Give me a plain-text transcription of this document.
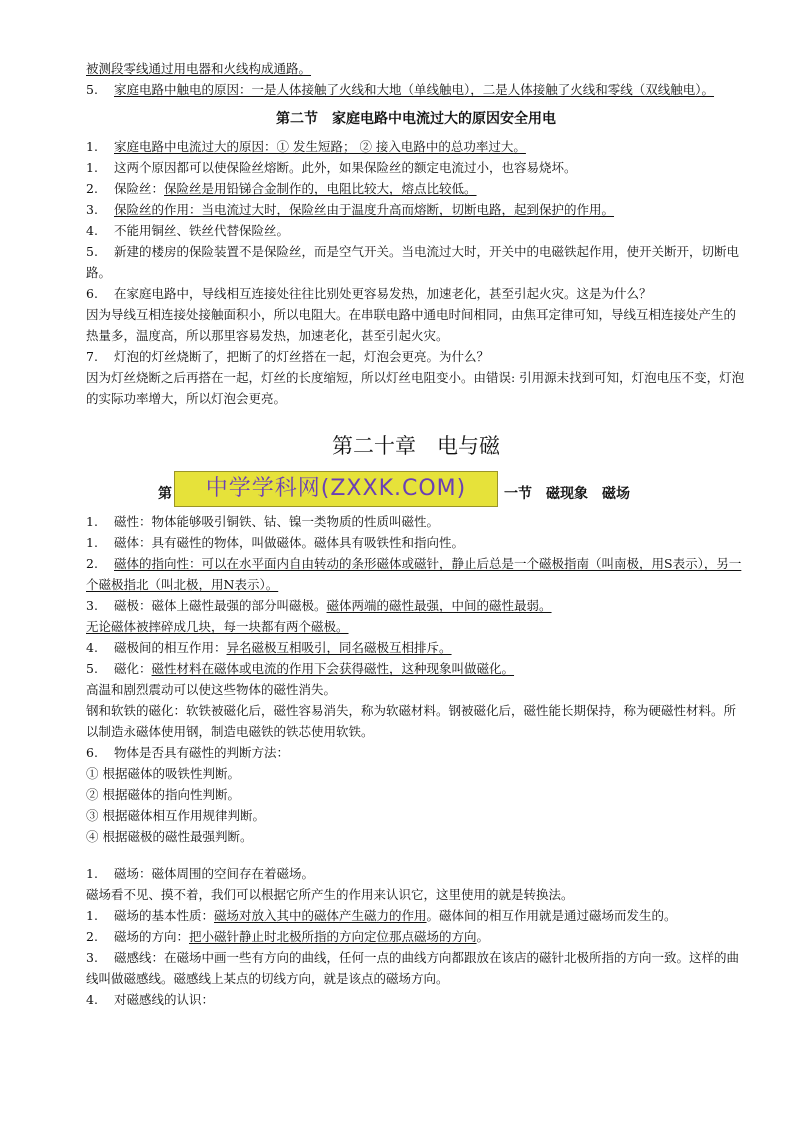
被测段零线通过用电器和火线构成通路。

5. 家庭电路中触电的原因：一是人体接触了火线和大地（单线触电），二是人体接触了火线和零线（双线触电）。

第二节　家庭电路中电流过大的原因安全用电

1. 家庭电路中电流过大的原因：① 发生短路； ② 接入电路中的总功率过大。

1. 这两个原因都可以使保险丝熔断。此外，如果保险丝的额定电流过小，也容易烧坏。

2. 保险丝：保险丝是用铅锑合金制作的，电阻比较大，熔点比较低。

3. 保险丝的作用：当电流过大时，保险丝由于温度升高而熔断，切断电路，起到保护的作用。

4. 不能用铜丝、铁丝代替保险丝。

5. 新建的楼房的保险装置不是保险丝，而是空气开关。当电流过大时，开关中的电磁铁起作用，使开关断开，切断电路。

6. 在家庭电路中，导线相互连接处往往比别处更容易发热，加速老化，甚至引起火灾。这是为什么？

因为导线互相连接处接触面积小，所以电阻大。在串联电路中通电时间相同，由焦耳定律可知，导线互相连接处产生的热量多，温度高，所以那里容易发热，加速老化，甚至引起火灾。

7. 灯泡的灯丝烧断了，把断了的灯丝搭在一起，灯泡会更亮。为什么？

因为灯丝烧断之后再搭在一起，灯丝的长度缩短，所以灯丝电阻变小。由错误: 引用源未找到可知，灯泡电压不变，灯泡的实际功率增大，所以灯泡会更亮。

第二十章　电与磁
第	中学学科网(ZXXK.COM)	一节　磁现象　磁场

1. 磁性：物体能够吸引铜铁、钴、镍一类物质的性质叫磁性。

1. 磁体：具有磁性的物体，叫做磁体。磁体具有吸铁性和指向性。

2. 磁体的指向性：可以在水平面内自由转动的条形磁体或磁针，静止后总是一个磁极指南（叫南极，用S表示），另一个磁极指北（叫北极，用N表示）。

3. 磁极：磁体上磁性最强的部分叫磁极。磁体两端的磁性最强，中间的磁性最弱。

无论磁体被摔碎成几块，每一块都有两个磁极。

4. 磁极间的相互作用：异名磁极互相吸引，同名磁极互相排斥。

5. 磁化：磁性材料在磁体或电流的作用下会获得磁性，这种现象叫做磁化。

高温和剧烈震动可以使这些物体的磁性消失。

钢和软铁的磁化：软铁被磁化后，磁性容易消失，称为软磁材料。钢被磁化后，磁性能长期保持，称为硬磁性材料。所以制造永磁体使用钢，制造电磁铁的铁芯使用软铁。

6. 物体是否具有磁性的判断方法：

① 根据磁体的吸铁性判断。

② 根据磁体的指向性判断。

③ 根据磁体相互作用规律判断。

④ 根据磁极的磁性最强判断。

1. 磁场：磁体周围的空间存在着磁场。

磁场看不见、摸不着，我们可以根据它所产生的作用来认识它，这里使用的就是转换法。

1. 磁场的基本性质：磁场对放入其中的磁体产生磁力的作用。磁体间的相互作用就是通过磁场而发生的。

2. 磁场的方向：把小磁针静止时北极所指的方向定位那点磁场的方向。

3. 磁感线：在磁场中画一些有方向的曲线，任何一点的曲线方向都跟放在该店的磁针北极所指的方向一致。这样的曲线叫做磁感线。磁感线上某点的切线方向，就是该点的磁场方向。

4. 对磁感线的认识：
